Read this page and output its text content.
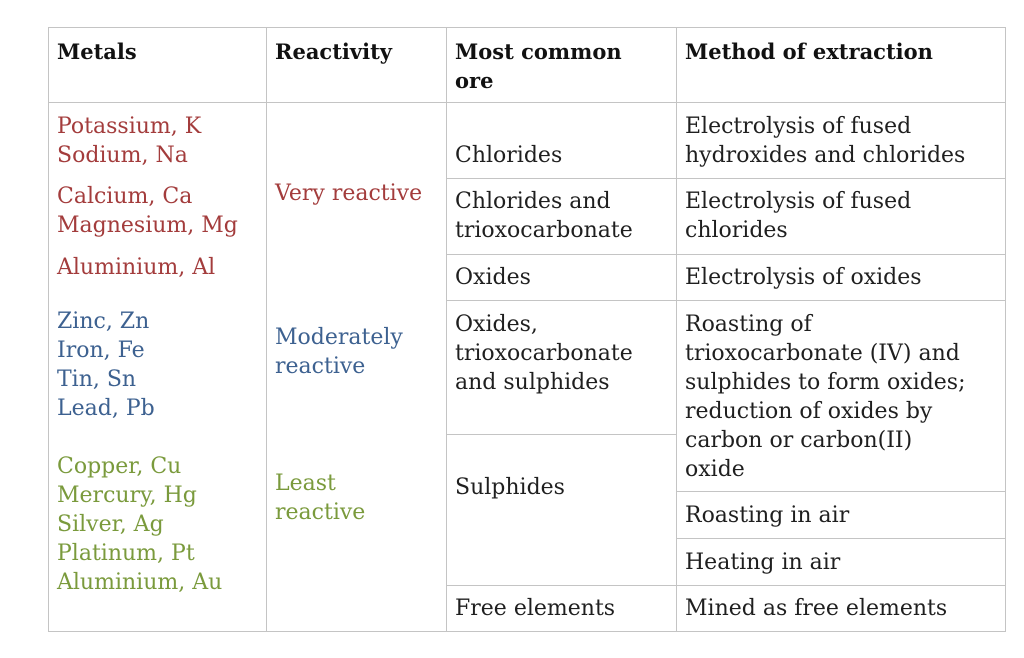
Metals	Reactivity	Most common
ore
Method of extraction
Potassium, K
Sodium, Na
Calcium, Ca
Magnesium, Mg
Aluminium, Al
Zinc, Zn
Iron, Fe
Tin, Sn
Lead, Pb
Copper, Cu
Mercury, Hg
Silver, Ag
Platinum, Pt
Aluminium, Au
Very reactive
Moderately
reactive
Least
reactive
Chlorides
Chlorides and
trioxocarbonate
Oxides
Oxides,
trioxocarbonate
and sulphides
Sulphides
Free elements
Electrolysis of fused
hydroxides and chlorides
Electrolysis of fused
chlorides
Electrolysis of oxides
Roasting of
trioxocarbonate (IV) and
sulphides to form oxides;
reduction of oxides by
carbon or carbon(II)
oxide
Roasting in air
Heating in air
Mined as free elements
